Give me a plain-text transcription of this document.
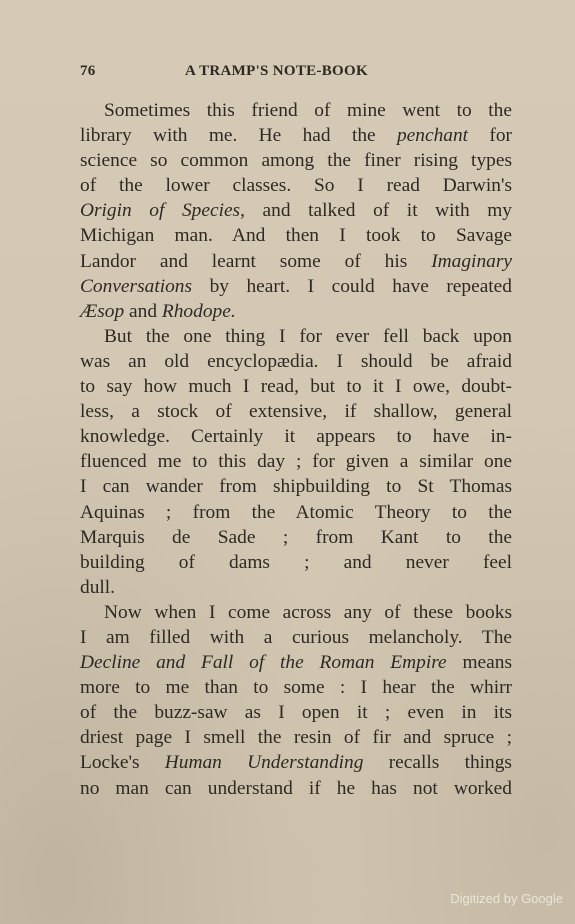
76	A TRAMP'S NOTE-BOOK
Sometimes this friend of mine went to the
library with me. He had the penchant for
science so common among the finer rising types
of the lower classes. So I read Darwin's
Origin of Species, and talked of it with my
Michigan man. And then I took to Savage
Landor and learnt some of his Imaginary
Conversations by heart. I could have repeated
Æsop and Rhodope.
But the one thing I for ever fell back upon
was an old encyclopædia. I should be afraid
to say how much I read, but to it I owe, doubt-
less, a stock of extensive, if shallow, general
knowledge. Certainly it appears to have in-
fluenced me to this day ; for given a similar one
I can wander from shipbuilding to St Thomas
Aquinas ; from the Atomic Theory to the
Marquis de Sade ; from Kant to the
building of dams ; and never feel
dull.
Now when I come across any of these books
I am filled with a curious melancholy. The
Decline and Fall of the Roman Empire means
more to me than to some : I hear the whirr
of the buzz-saw as I open it ; even in its
driest page I smell the resin of fir and spruce ;
Locke's Human Understanding recalls things
no man can understand if he has not worked
Digitized by Google
